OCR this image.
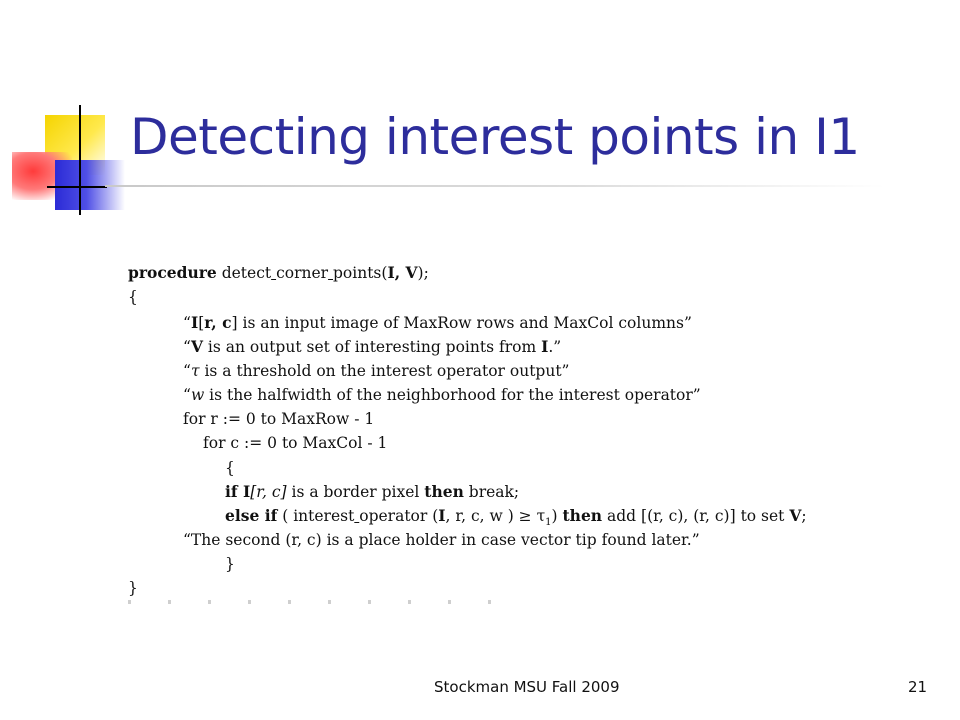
Detecting interest points in I1
procedure detect corner points(I, V);
{
“I[r, c] is an input image of MaxRow rows and MaxCol columns”
“V is an output set of interesting points from I.”
“τ is a threshold on the interest operator output”
“w is the halfwidth of the neighborhood for the interest operator”
for r := 0 to MaxRow - 1
for c := 0 to MaxCol - 1
{
if I[r, c] is a border pixel then break;
else if ( interest operator (I, r, c, w ) ≥ $\tau_1$) then add [(r, c), (r, c)] to set V;
“The second (r, c) is a place holder in case vector tip found later.”
}
}
Stockman MSU Fall 2009	21
